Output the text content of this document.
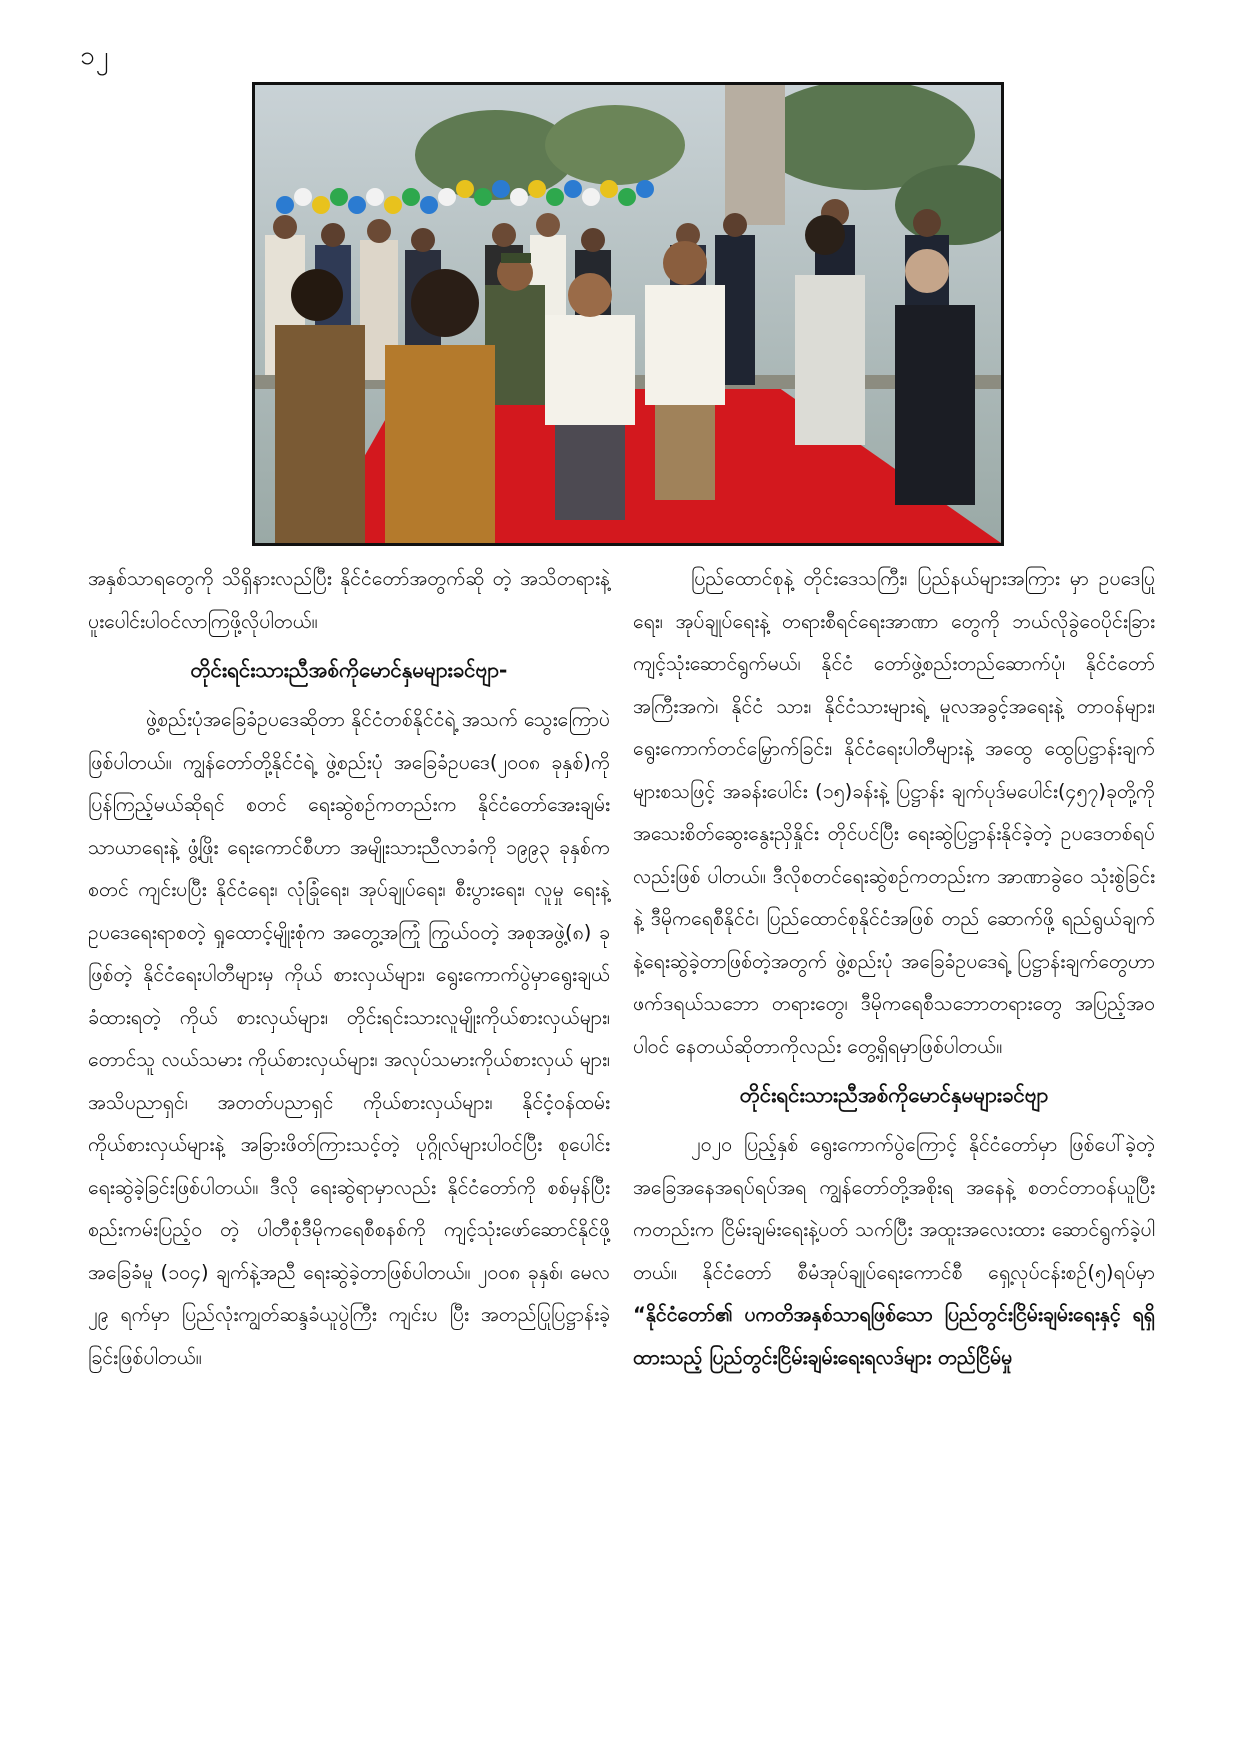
၁၂

အနှစ်သာရတွေကို သိရှိနားလည်ပြီး နိုင်ငံတော်အတွက်ဆို တဲ့ အသိတရားနဲ့ ပူးပေါင်းပါဝင်လာကြဖို့လိုပါတယ်။

တိုင်းရင်းသားညီအစ်ကိုမောင်နှမများခင်ဗျာ-

ဖွဲ့စည်းပုံအခြေခံဥပဒေဆိုတာ နိုင်ငံတစ်နိုင်ငံရဲ့ အသက် သွေးကြောပဲဖြစ်ပါတယ်။ ကျွန်တော်တို့နိုင်ငံရဲ့ ဖွဲ့စည်းပုံ အခြေခံဥပဒေ(၂၀၀၈ ခုနှစ်)ကို ပြန်ကြည့်မယ်ဆိုရင် စတင် ရေးဆွဲစဉ်ကတည်းက နိုင်ငံတော်အေးချမ်းသာယာရေးနဲ့ ဖွံ့ဖြိုး ရေးကောင်စီဟာ အမျိုးသားညီလာခံကို ၁၉၉၃ ခုနှစ်က စတင် ကျင်းပပြီး နိုင်ငံရေး၊ လုံခြုံရေး၊ အုပ်ချုပ်ရေး၊ စီးပွားရေး၊ လူမှု ရေးနဲ့ ဥပဒေရေးရာစတဲ့ ရှုထောင့်မျိုးစုံက အတွေ့အကြုံ ကြွယ်ဝတဲ့ အစုအဖွဲ့(၈) ခုဖြစ်တဲ့ နိုင်ငံရေးပါတီများမှ ကိုယ် စားလှယ်များ၊ ရွေးကောက်ပွဲမှာရွေးချယ်ခံထားရတဲ့ ကိုယ် စားလှယ်များ၊ တိုင်းရင်းသားလူမျိုးကိုယ်စားလှယ်များ၊ တောင်သူ လယ်သမား ကိုယ်စားလှယ်များ၊ အလုပ်သမားကိုယ်စားလှယ် များ၊ အသိပညာရှင်၊ အတတ်ပညာရှင် ကိုယ်စားလှယ်များ၊ နိုင်ငံ့ဝန်ထမ်းကိုယ်စားလှယ်များနဲ့ အခြားဖိတ်ကြားသင့်တဲ့ ပုဂ္ဂိုလ်များပါဝင်ပြီး စုပေါင်းရေးဆွဲခဲ့ခြင်းဖြစ်ပါတယ်။ ဒီလို ရေးဆွဲရာမှာလည်း နိုင်ငံတော်ကို စစ်မှန်ပြီး စည်းကမ်းပြည့်ဝ တဲ့ ပါတီစုံဒီမိုကရေစီစနစ်ကို ကျင့်သုံးဖော်ဆောင်နိုင်ဖို့ အခြေခံမူ (၁၀၄) ချက်နဲ့အညီ ရေးဆွဲခဲ့တာဖြစ်ပါတယ်။ ၂၀၀၈ ခုနှစ်၊ မေလ ၂၉ ရက်မှာ ပြည်လုံးကျွတ်ဆန္ဒခံယူပွဲကြီး ကျင်းပ ပြီး အတည်ပြုပြဋ္ဌာန်းခဲ့ခြင်းဖြစ်ပါတယ်။

ပြည်ထောင်စုနဲ့ တိုင်းဒေသကြီး၊ ပြည်နယ်များအကြား မှာ ဥပဒေပြုရေး၊ အုပ်ချုပ်ရေးနဲ့ တရားစီရင်ရေးအာဏာ တွေကို ဘယ်လိုခွဲဝေပိုင်းခြား ကျင့်သုံးဆောင်ရွက်မယ်၊ နိုင်ငံ တော်ဖွဲ့စည်းတည်ဆောက်ပုံ၊ နိုင်ငံတော်အကြီးအကဲ၊ နိုင်ငံ သား၊ နိုင်ငံသားများရဲ့ မူလအခွင့်အရေးနဲ့ တာဝန်များ၊ ရွေးကောက်တင်မြှောက်ခြင်း၊ နိုင်ငံရေးပါတီများနဲ့ အထွေ ထွေပြဋ္ဌာန်းချက်များစသဖြင့် အခန်းပေါင်း (၁၅)ခန်းနဲ့ ပြဋ္ဌာန်း ချက်ပုဒ်မပေါင်း(၄၅၇)ခုတို့ကို အသေးစိတ်ဆွေးနွေးညှိနှိုင်း တိုင်ပင်ပြီး ရေးဆွဲပြဋ္ဌာန်းနိုင်ခဲ့တဲ့ ဥပဒေတစ်ရပ်လည်းဖြစ် ပါတယ်။ ဒီလိုစတင်ရေးဆွဲစဉ်ကတည်းက အာဏာခွဲဝေ သုံးစွဲခြင်းနဲ့ ဒီမိုကရေစီနိုင်ငံ၊ ပြည်ထောင်စုနိုင်ငံအဖြစ် တည် ဆောက်ဖို့ ရည်ရွယ်ချက်နဲ့ရေးဆွဲခဲ့တာဖြစ်တဲ့အတွက် ဖွဲ့စည်းပုံ အခြေခံဥပဒေရဲ့ ပြဋ္ဌာန်းချက်တွေဟာ ဖက်ဒရယ်သဘော တရားတွေ၊ ဒီမိုကရေစီသဘောတရားတွေ အပြည့်အဝပါဝင် နေတယ်ဆိုတာကိုလည်း တွေ့ရှိရမှာဖြစ်ပါတယ်။

တိုင်းရင်းသားညီအစ်ကိုမောင်နှမများခင်ဗျာ

၂၀၂၀ ပြည့်နှစ် ရွေးကောက်ပွဲကြောင့် နိုင်ငံတော်မှာ ဖြစ်ပေါ်ခဲ့တဲ့အခြေအနေအရပ်ရပ်အရ ကျွန်တော်တို့အစိုးရ အနေနဲ့ စတင်တာဝန်ယူပြီးကတည်းက ငြိမ်းချမ်းရေးနဲ့ပတ် သက်ပြီး အထူးအလေးထား ဆောင်ရွက်ခဲ့ပါတယ်။ နိုင်ငံတော် စီမံအုပ်ချုပ်ရေးကောင်စီ ရှေ့လုပ်ငန်းစဉ်(၅)ရပ်မှာ “နိုင်ငံတော်၏ ပကတိအနှစ်သာရဖြစ်သော ပြည်တွင်းငြိမ်းချမ်းရေးနှင့် ရရှိထားသည့် ပြည်တွင်းငြိမ်းချမ်းရေးရလဒ်များ တည်ငြိမ်မှု
